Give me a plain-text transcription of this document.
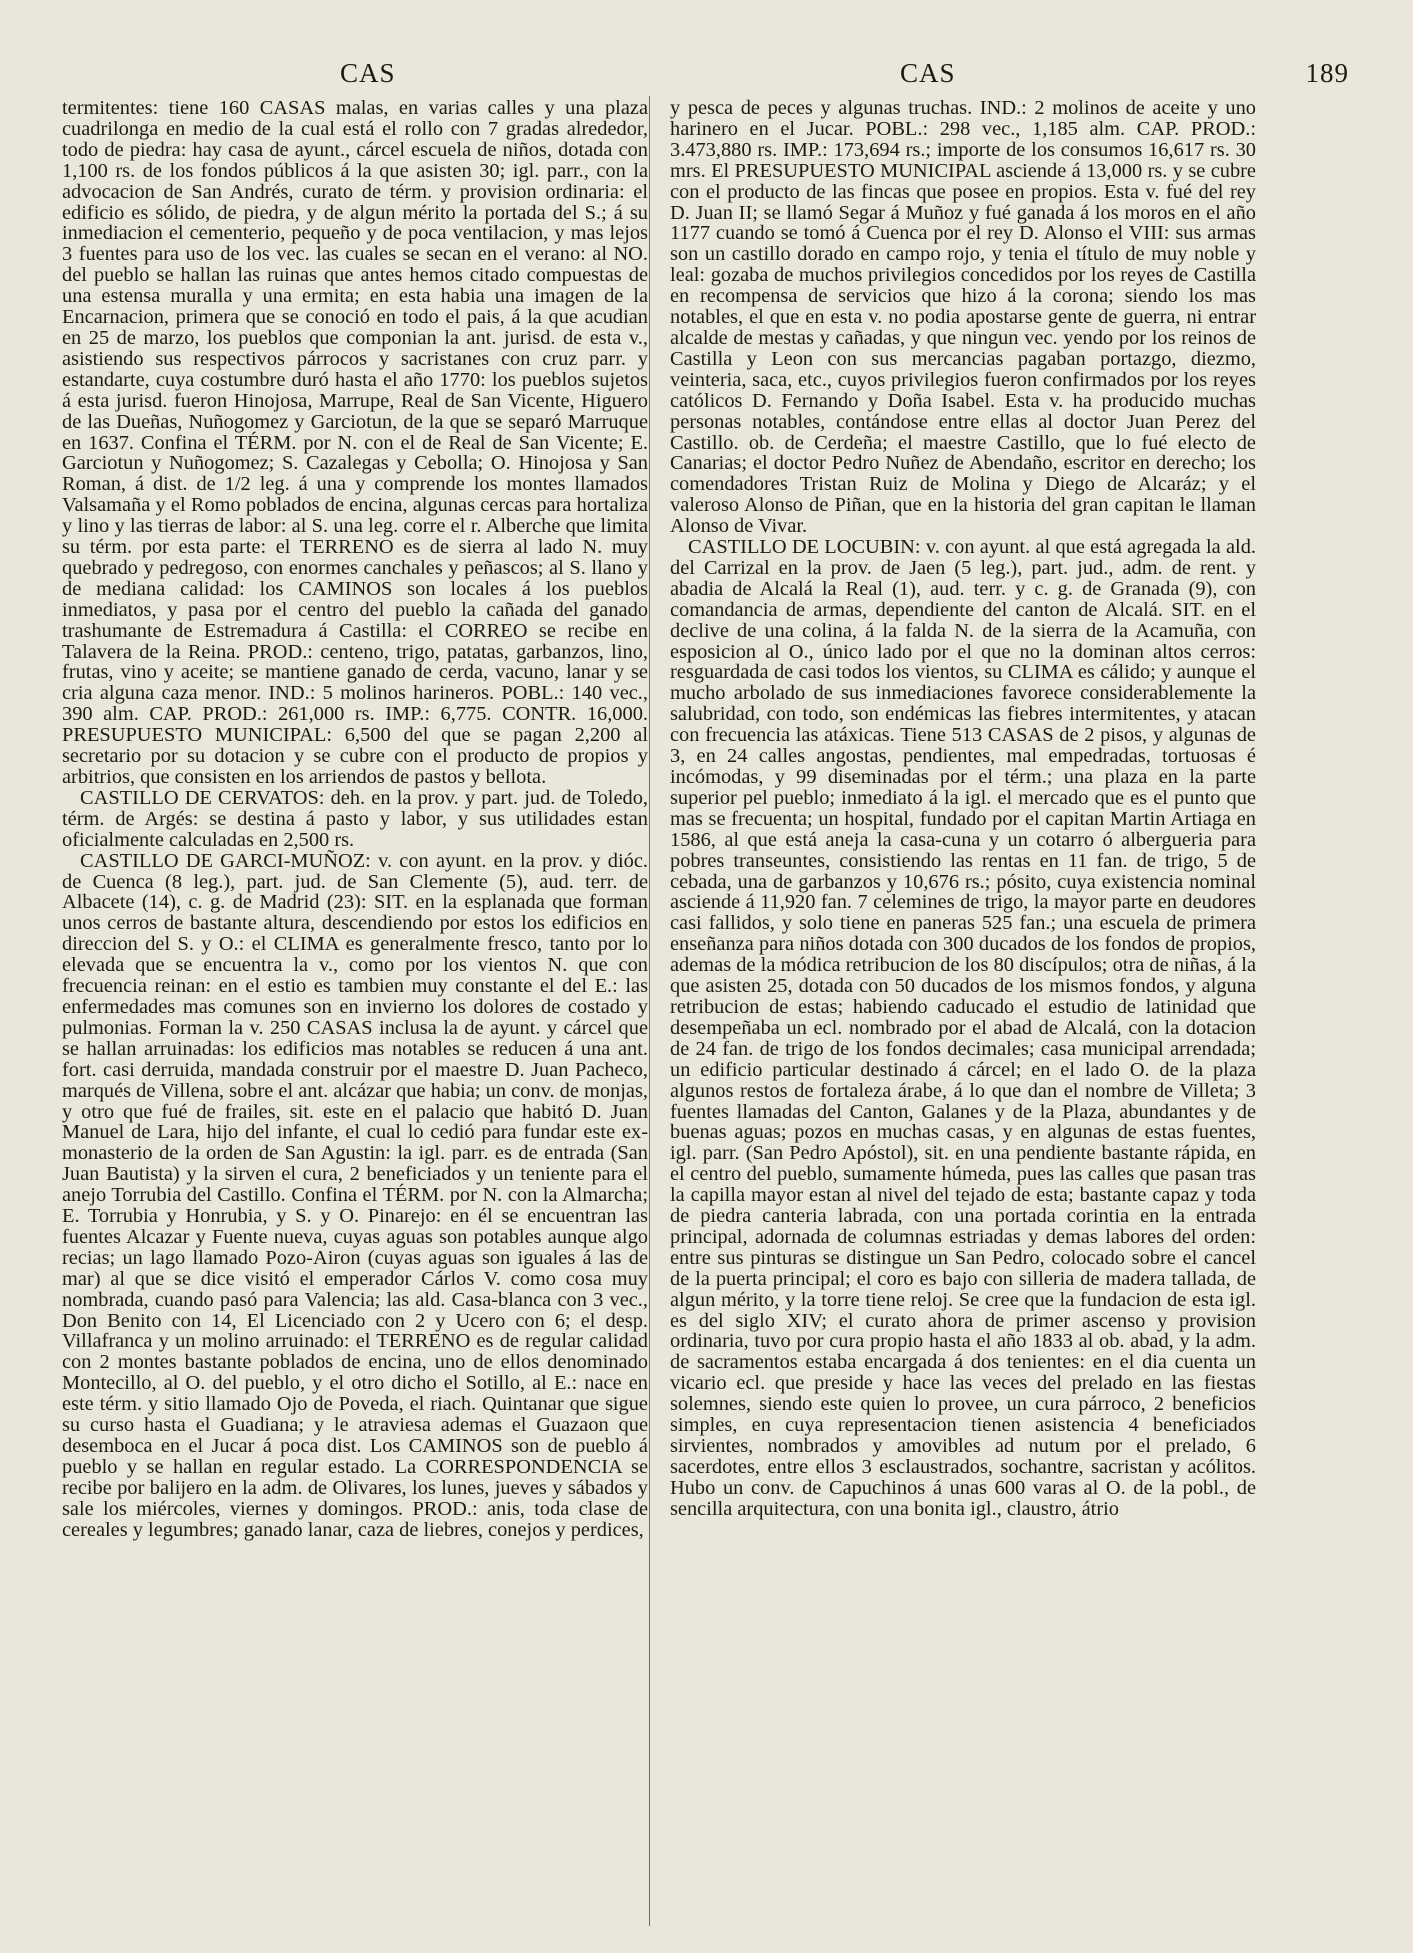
CAS	CAS	189

termitentes: tiene 160 CASAS malas, en varias calles y una plaza cuadrilonga en medio de la cual está el rollo con 7 gradas alrededor, todo de piedra: hay casa de ayunt., cárcel escuela de niños, dotada con 1,100 rs. de los fondos públicos á la que asisten 30; igl. parr., con la advocacion de San Andrés, curato de térm. y provision ordinaria: el edificio es sólido, de piedra, y de algun mérito la portada del S.; á su inmediacion el cementerio, pequeño y de poca ventilacion, y mas lejos 3 fuentes para uso de los vec. las cuales se secan en el verano: al NO. del pueblo se hallan las ruinas que antes hemos citado compuestas de una estensa muralla y una ermita; en esta habia una imagen de la Encarnacion, primera que se conoció en todo el pais, á la que acudian en 25 de marzo, los pueblos que componian la ant. jurisd. de esta v., asistiendo sus respectivos párrocos y sacristanes con cruz parr. y estandarte, cuya costumbre duró hasta el año 1770: los pueblos sujetos á esta jurisd. fueron Hinojosa, Marrupe, Real de San Vicente, Higuero de las Dueñas, Nuñogomez y Garciotun, de la que se separó Marruque en 1637. Confina el TÉRM. por N. con el de Real de San Vicente; E. Garciotun y Nuñogomez; S. Cazalegas y Cebolla; O. Hinojosa y San Roman, á dist. de 1/2 leg. á una y comprende los montes llamados Valsamaña y el Romo poblados de encina, algunas cercas para hortaliza y lino y las tierras de labor: al S. una leg. corre el r. Alberche que limita su térm. por esta parte: el TERRENO es de sierra al lado N. muy quebrado y pedregoso, con enormes canchales y peñascos; al S. llano y de mediana calidad: los CAMINOS son locales á los pueblos inmediatos, y pasa por el centro del pueblo la cañada del ganado trashumante de Estremadura á Castilla: el CORREO se recibe en Talavera de la Reina. PROD.: centeno, trigo, patatas, garbanzos, lino, frutas, vino y aceite; se mantiene ganado de cerda, vacuno, lanar y se cria alguna caza menor. IND.: 5 molinos harineros. POBL.: 140 vec., 390 alm. CAP. PROD.: 261,000 rs. IMP.: 6,775. CONTR. 16,000. PRESUPUESTO MUNICIPAL: 6,500 del que se pagan 2,200 al secretario por su dotacion y se cubre con el producto de propios y arbitrios, que consisten en los arriendos de pastos y bellota.

CASTILLO DE CERVATOS: deh. en la prov. y part. jud. de Toledo, térm. de Argés: se destina á pasto y labor, y sus utilidades estan oficialmente calculadas en 2,500 rs.

CASTILLO DE GARCI-MUÑOZ: v. con ayunt. en la prov. y dióc. de Cuenca (8 leg.), part. jud. de San Clemente (5), aud. terr. de Albacete (14), c. g. de Madrid (23): SIT. en la esplanada que forman unos cerros de bastante altura, descendiendo por estos los edificios en direccion del S. y O.: el CLIMA es generalmente fresco, tanto por lo elevada que se encuentra la v., como por los vientos N. que con frecuencia reinan: en el estio es tambien muy constante el del E.: las enfermedades mas comunes son en invierno los dolores de costado y pulmonias. Forman la v. 250 CASAS inclusa la de ayunt. y cárcel que se hallan arruinadas: los edificios mas notables se reducen á una ant. fort. casi derruida, mandada construir por el maestre D. Juan Pacheco, marqués de Villena, sobre el ant. alcázar que habia; un conv. de monjas, y otro que fué de frailes, sit. este en el palacio que habitó D. Juan Manuel de Lara, hijo del infante, el cual lo cedió para fundar este ex-monasterio de la orden de San Agustin: la igl. parr. es de entrada (San Juan Bautista) y la sirven el cura, 2 beneficiados y un teniente para el anejo Torrubia del Castillo. Confina el TÉRM. por N. con la Almarcha; E. Torrubia y Honrubia, y S. y O. Pinarejo: en él se encuentran las fuentes Alcazar y Fuente nueva, cuyas aguas son potables aunque algo recias; un lago llamado Pozo-Airon (cuyas aguas son iguales á las de mar) al que se dice visitó el emperador Cárlos V. como cosa muy nombrada, cuando pasó para Valencia; las ald. Casa-blanca con 3 vec., Don Benito con 14, El Licenciado con 2 y Ucero con 6; el desp. Villafranca y un molino arruinado: el TERRENO es de regular calidad con 2 montes bastante poblados de encina, uno de ellos denominado Montecillo, al O. del pueblo, y el otro dicho el Sotillo, al E.: nace en este térm. y sitio llamado Ojo de Poveda, el riach. Quintanar que sigue su curso hasta el Guadiana; y le atraviesa ademas el Guazaon que desemboca en el Jucar á poca dist. Los CAMINOS son de pueblo á pueblo y se hallan en regular estado. La CORRESPONDENCIA se recibe por balijero en la adm. de Olivares, los lunes, jueves y sábados y sale los miércoles, viernes y domingos. PROD.: anis, toda clase de cereales y legumbres; ganado lanar, caza de liebres, conejos y perdices,

y pesca de peces y algunas truchas. IND.: 2 molinos de aceite y uno harinero en el Jucar. POBL.: 298 vec., 1,185 alm. CAP. PROD.: 3.473,880 rs. IMP.: 173,694 rs.; importe de los consumos 16,617 rs. 30 mrs. El PRESUPUESTO MUNICIPAL asciende á 13,000 rs. y se cubre con el producto de las fincas que posee en propios. Esta v. fué del rey D. Juan II; se llamó Segar á Muñoz y fué ganada á los moros en el año 1177 cuando se tomó á Cuenca por el rey D. Alonso el VIII: sus armas son un castillo dorado en campo rojo, y tenia el título de muy noble y leal: gozaba de muchos privilegios concedidos por los reyes de Castilla en recompensa de servicios que hizo á la corona; siendo los mas notables, el que en esta v. no podia apostarse gente de guerra, ni entrar alcalde de mestas y cañadas, y que ningun vec. yendo por los reinos de Castilla y Leon con sus mercancias pagaban portazgo, diezmo, veinteria, saca, etc., cuyos privilegios fueron confirmados por los reyes católicos D. Fernando y Doña Isabel. Esta v. ha producido muchas personas notables, contándose entre ellas al doctor Juan Perez del Castillo. ob. de Cerdeña; el maestre Castillo, que lo fué electo de Canarias; el doctor Pedro Nuñez de Abendaño, escritor en derecho; los comendadores Tristan Ruiz de Molina y Diego de Alcaráz; y el valeroso Alonso de Piñan, que en la historia del gran capitan le llaman Alonso de Vivar.

CASTILLO DE LOCUBIN: v. con ayunt. al que está agregada la ald. del Carrizal en la prov. de Jaen (5 leg.), part. jud., adm. de rent. y abadia de Alcalá la Real (1), aud. terr. y c. g. de Granada (9), con comandancia de armas, dependiente del canton de Alcalá. SIT. en el declive de una colina, á la falda N. de la sierra de la Acamuña, con esposicion al O., único lado por el que no la dominan altos cerros: resguardada de casi todos los vientos, su CLIMA es cálido; y aunque el mucho arbolado de sus inmediaciones favorece considerablemente la salubridad, con todo, son endémicas las fiebres intermitentes, y atacan con frecuencia las atáxicas. Tiene 513 CASAS de 2 pisos, y algunas de 3, en 24 calles angostas, pendientes, mal empedradas, tortuosas é incómodas, y 99 diseminadas por el térm.; una plaza en la parte superior pel pueblo; inmediato á la igl. el mercado que es el punto que mas se frecuenta; un hospital, fundado por el capitan Martin Artiaga en 1586, al que está aneja la casa-cuna y un cotarro ó albergueria para pobres transeuntes, consistiendo las rentas en 11 fan. de trigo, 5 de cebada, una de garbanzos y 10,676 rs.; pósito, cuya existencia nominal asciende á 11,920 fan. 7 celemines de trigo, la mayor parte en deudores casi fallidos, y solo tiene en paneras 525 fan.; una escuela de primera enseñanza para niños dotada con 300 ducados de los fondos de propios, ademas de la módica retribucion de los 80 discípulos; otra de niñas, á la que asisten 25, dotada con 50 ducados de los mismos fondos, y alguna retribucion de estas; habiendo caducado el estudio de latinidad que desempeñaba un ecl. nombrado por el abad de Alcalá, con la dotacion de 24 fan. de trigo de los fondos decimales; casa municipal arrendada; un edificio particular destinado á cárcel; en el lado O. de la plaza algunos restos de fortaleza árabe, á lo que dan el nombre de Villeta; 3 fuentes llamadas del Canton, Galanes y de la Plaza, abundantes y de buenas aguas; pozos en muchas casas, y en algunas de estas fuentes, igl. parr. (San Pedro Apóstol), sit. en una pendiente bastante rápida, en el centro del pueblo, sumamente húmeda, pues las calles que pasan tras la capilla mayor estan al nivel del tejado de esta; bastante capaz y toda de piedra canteria labrada, con una portada corintia en la entrada principal, adornada de columnas estriadas y demas labores del orden: entre sus pinturas se distingue un San Pedro, colocado sobre el cancel de la puerta principal; el coro es bajo con silleria de madera tallada, de algun mérito, y la torre tiene reloj. Se cree que la fundacion de esta igl. es del siglo XIV; el curato ahora de primer ascenso y provision ordinaria, tuvo por cura propio hasta el año 1833 al ob. abad, y la adm. de sacramentos estaba encargada á dos tenientes: en el dia cuenta un vicario ecl. que preside y hace las veces del prelado en las fiestas solemnes, siendo este quien lo provee, un cura párroco, 2 beneficios simples, en cuya representacion tienen asistencia 4 beneficiados sirvientes, nombrados y amovibles ad nutum por el prelado, 6 sacerdotes, entre ellos 3 esclaustrados, sochantre, sacristan y acólitos. Hubo un conv. de Capuchinos á unas 600 varas al O. de la pobl., de sencilla arquitectura, con una bonita igl., claustro, átrio
